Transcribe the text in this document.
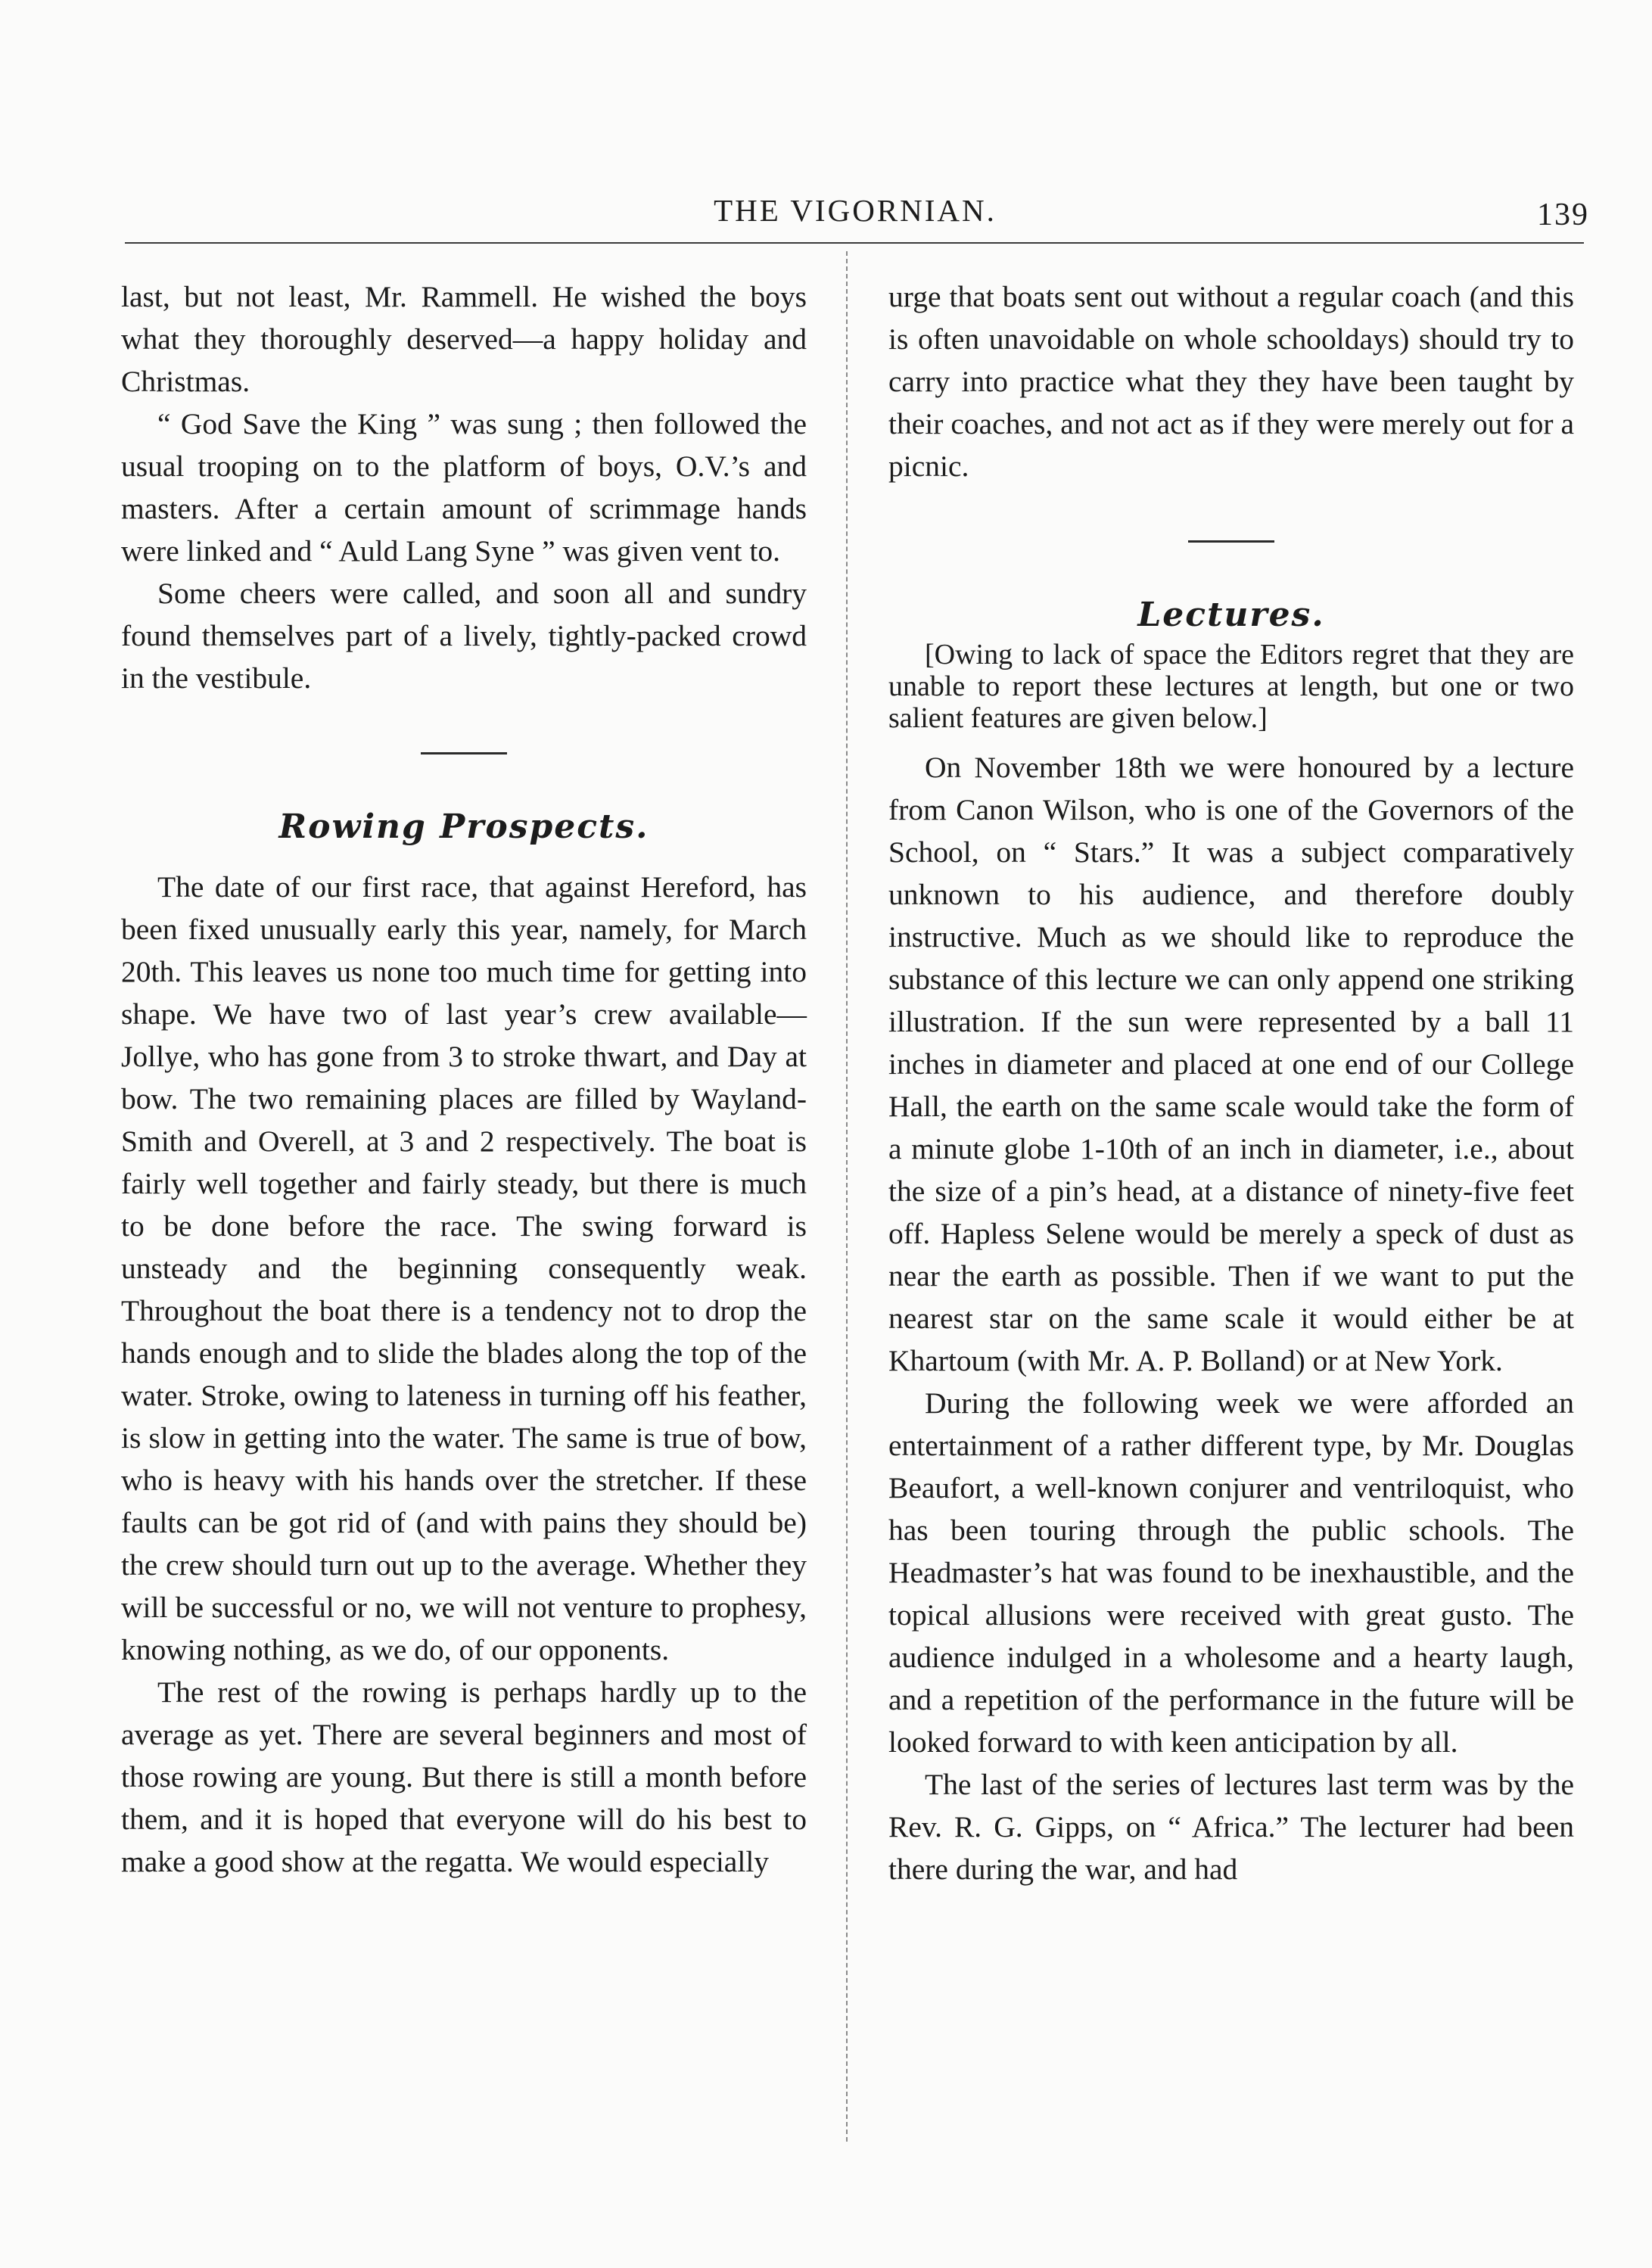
THE VIGORNIAN.	139

last, but not least, Mr. Rammell. He wished the boys what they thoroughly deserved—a happy holiday and Christmas.

“ God Save the King ” was sung ; then followed the usual trooping on to the platform of boys, O.V.’s and masters. After a certain amount of scrimmage hands were linked and “ Auld Lang Syne ” was given vent to.

Some cheers were called, and soon all and sundry found themselves part of a lively, tightly-packed crowd in the vestibule.

Rowing Prospects.

The date of our first race, that against Hereford, has been fixed unusually early this year, namely, for March 20th. This leaves us none too much time for getting into shape. We have two of last year’s crew available—Jollye, who has gone from 3 to stroke thwart, and Day at bow. The two remaining places are filled by Wayland-Smith and Overell, at 3 and 2 respectively. The boat is fairly well together and fairly steady, but there is much to be done before the race. The swing forward is unsteady and the beginning consequently weak. Throughout the boat there is a tendency not to drop the hands enough and to slide the blades along the top of the water. Stroke, owing to lateness in turning off his feather, is slow in getting into the water. The same is true of bow, who is heavy with his hands over the stretcher. If these faults can be got rid of (and with pains they should be) the crew should turn out up to the average. Whether they will be successful or no, we will not venture to prophesy, knowing nothing, as we do, of our opponents.

The rest of the rowing is perhaps hardly up to the average as yet. There are several beginners and most of those rowing are young. But there is still a month before them, and it is hoped that everyone will do his best to make a good show at the regatta. We would especially

urge that boats sent out without a regular coach (and this is often unavoidable on whole schooldays) should try to carry into practice what they they have been taught by their coaches, and not act as if they were merely out for a picnic.

Lectures.

[Owing to lack of space the Editors regret that they are unable to report these lectures at length, but one or two salient features are given below.]

On November 18th we were honoured by a lecture from Canon Wilson, who is one of the Governors of the School, on “ Stars.” It was a subject comparatively unknown to his audience, and therefore doubly instructive. Much as we should like to reproduce the substance of this lecture we can only append one striking illustration. If the sun were represented by a ball 11 inches in diameter and placed at one end of our College Hall, the earth on the same scale would take the form of a minute globe 1-10th of an inch in diameter, i.e., about the size of a pin’s head, at a distance of ninety-five feet off. Hapless Selene would be merely a speck of dust as near the earth as possible. Then if we want to put the nearest star on the same scale it would either be at Khartoum (with Mr. A. P. Bolland) or at New York.

During the following week we were afforded an entertainment of a rather different type, by Mr. Douglas Beaufort, a well-known conjurer and ventriloquist, who has been touring through the public schools. The Headmaster’s hat was found to be inexhaustible, and the topical allusions were received with great gusto. The audience indulged in a wholesome and a hearty laugh, and a repetition of the performance in the future will be looked forward to with keen anticipation by all.

The last of the series of lectures last term was by the Rev. R. G. Gipps, on “ Africa.” The lecturer had been there during the war, and had
